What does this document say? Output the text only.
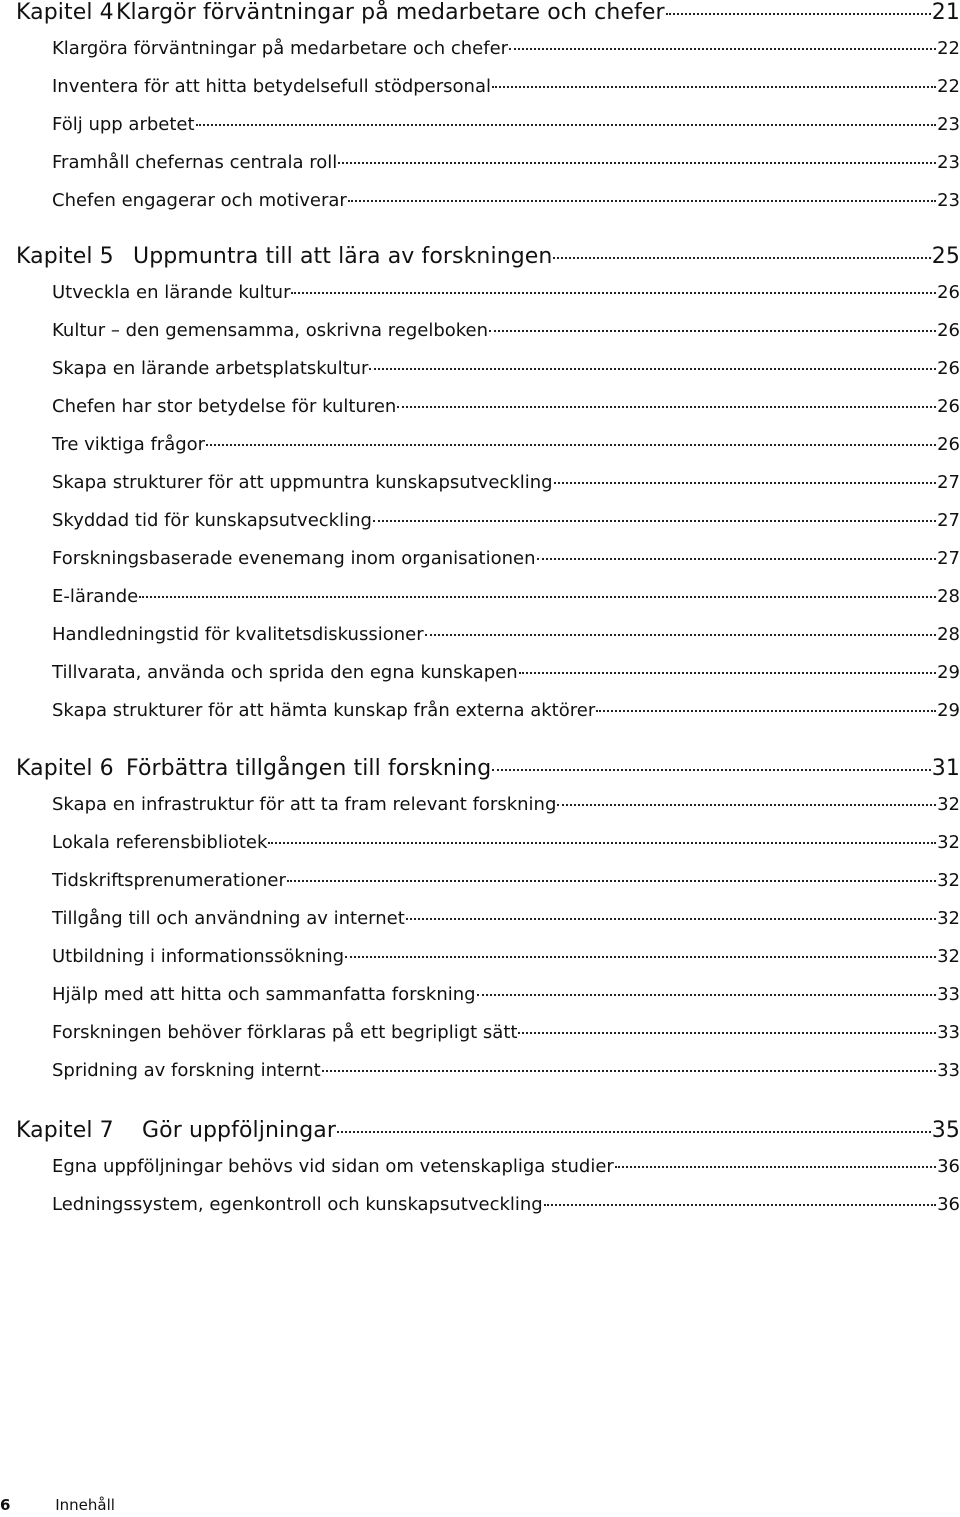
Kapitel 4 Klargör förväntningar på medarbetare och chefer	21
Klargöra förväntningar på medarbetare och chefer	22
Inventera för att hitta betydelsefull stödpersonal	22
Följ upp arbetet	23
Framhåll chefernas centrala roll	23
Chefen engagerar och motiverar	23
Kapitel 5 Uppmuntra till att lära av forskningen	25
Utveckla en lärande kultur	26
Kultur – den gemensamma, oskrivna regelboken	26
Skapa en lärande arbetsplatskultur	26
Chefen har stor betydelse för kulturen	26
Tre viktiga frågor	26
Skapa strukturer för att uppmuntra kunskapsutveckling	27
Skyddad tid för kunskapsutveckling	27
Forskningsbaserade evenemang inom organisationen	27
E-lärande	28
Handledningstid för kvalitetsdiskussioner	28
Tillvarata, använda och sprida den egna kunskapen	29
Skapa strukturer för att hämta kunskap från externa aktörer	29
Kapitel 6 Förbättra tillgången till forskning	31
Skapa en infrastruktur för att ta fram relevant forskning	32
Lokala referensbibliotek	32
Tidskriftsprenumerationer	32
Tillgång till och användning av internet	32
Utbildning i informationssökning	32
Hjälp med att hitta och sammanfatta forskning	33
Forskningen behöver förklaras på ett begripligt sätt	33
Spridning av forskning internt	33
Kapitel 7	Gör uppföljningar	35
Egna uppföljningar behövs vid sidan om vetenskapliga studier	36
Ledningssystem, egenkontroll och kunskapsutveckling	36
6	Innehåll
